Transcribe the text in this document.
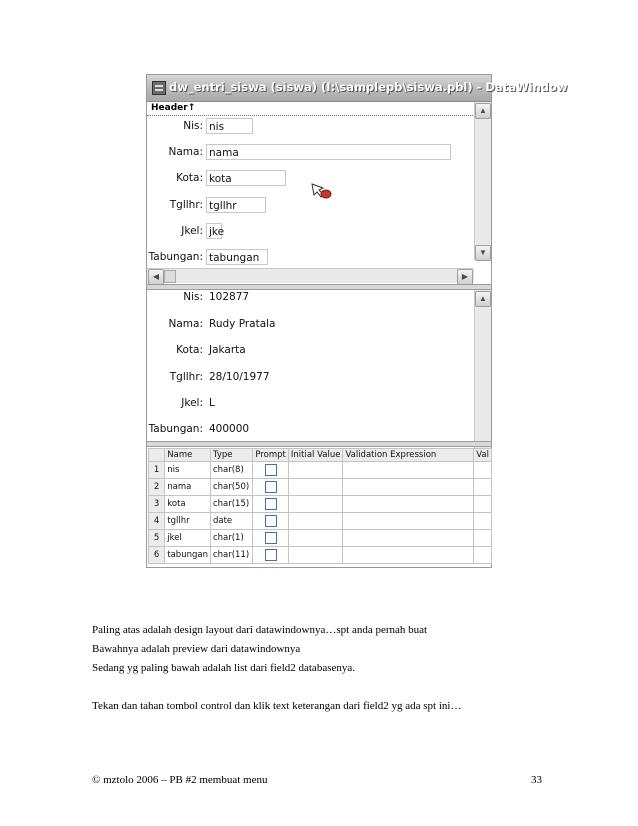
dw_entri_siswa (siswa) (I:\samplepb\siswa.pbl) - DataWindow
Header↑	▲
▼
Nis: nis
Nama: nama
Kota: kota
Tgllhr: tgllhr
Jkel: jke
Tabungan: tabungan
◀	▶
▲
Nis: 102877
Nama: Rudy Pratala
Kota: Jakarta
Tgllhr: 28/10/1977
Jkel: L
Tabungan: 400000
	Name	Type	Prompt	Initial Value	Validation Expression	Val
1	nis	char(8)				
2	nama	char(50)				
3	kota	char(15)				
4	tgllhr	date				
5	jkel	char(1)				
6	tabungan	char(11)				
Paling atas adalah design layout dari datawindownya…spt anda pernah buat
Bawahnya adalah preview dari datawindownya
Sedang yg paling bawah adalah list dari field2 databasenya.
Tekan dan tahan tombol control dan klik text keterangan dari field2 yg ada spt ini…
© mztolo 2006 – PB #2 membuat menu	33
